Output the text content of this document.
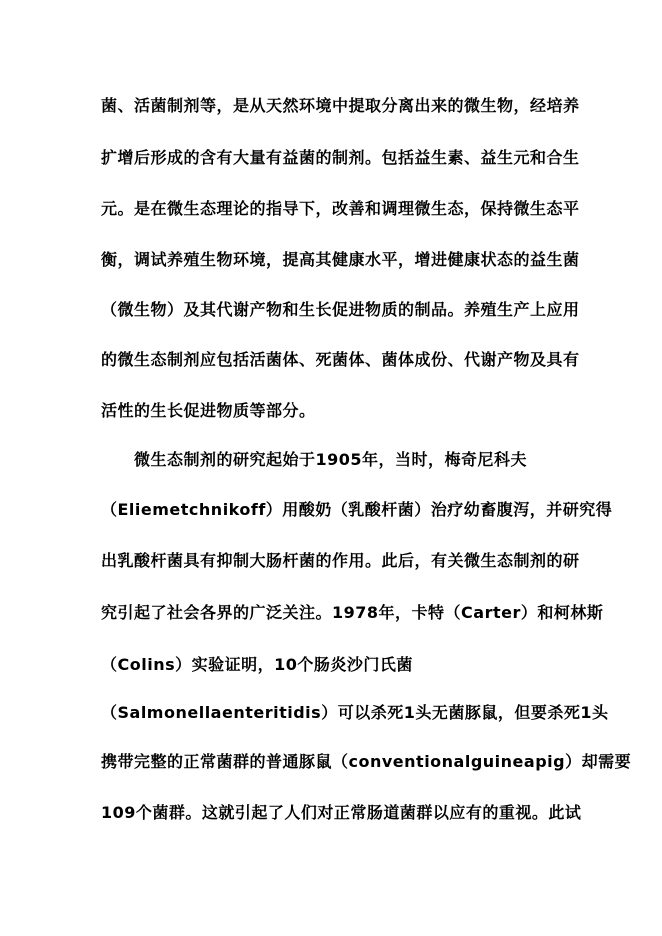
菌、活菌制剂等，是从天然环境中提取分离出来的微生物，经培养
扩增后形成的含有大量有益菌的制剂。包括益生素、益生元和合生
元。是在微生态理论的指导下，改善和调理微生态，保持微生态平
衡，调试养殖生物环境，提高其健康水平，增进健康状态的益生菌
（微生物）及其代谢产物和生长促进物质的制品。养殖生产上应用
的微生态制剂应包括活菌体、死菌体、菌体成份、代谢产物及具有
活性的生长促进物质等部分。
微生态制剂的研究起始于1905年，当时，梅奇尼科夫
（Eliemetchnikoff）用酸奶（乳酸杆菌）治疗幼畜腹泻，并研究得
出乳酸杆菌具有抑制大肠杆菌的作用。此后，有关微生态制剂的研
究引起了社会各界的广泛关注。1978年，卡特（Carter）和柯林斯
（Colins）实验证明，10个肠炎沙门氏菌
（Salmonellaenteritidis）可以杀死1头无菌豚鼠，但要杀死1头
携带完整的正常菌群的普通豚鼠（conventionalguineapig）却需要
109个菌群。这就引起了人们对正常肠道菌群以应有的重视。此试
